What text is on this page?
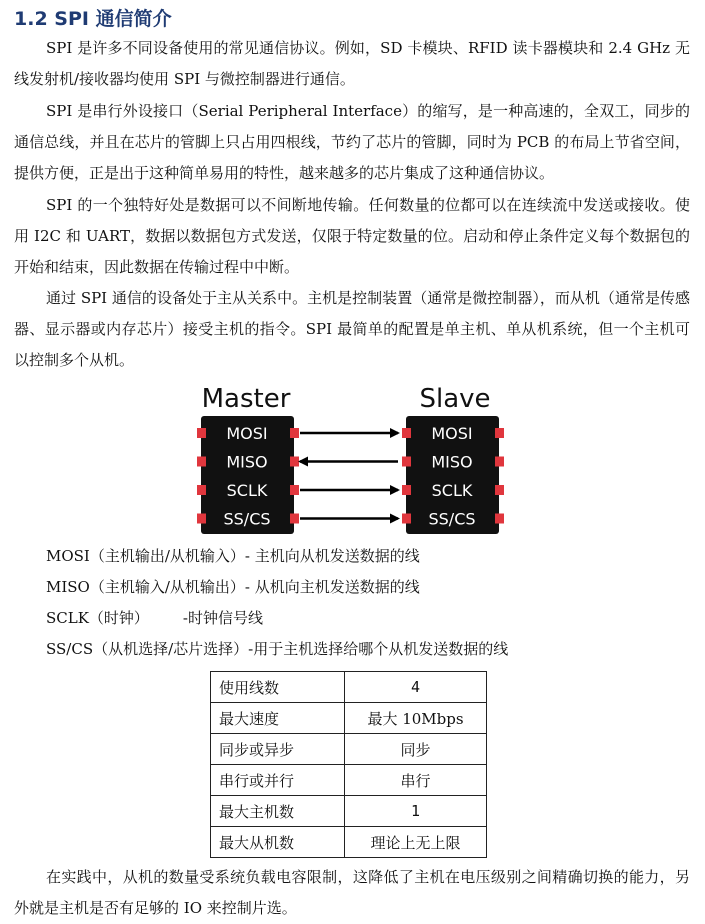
1.2 SPI 通信简介

SPI 是许多不同设备使用的常见通信协议。例如，SD 卡模块、RFID 读卡器模块和 2.4 GHz 无线发射机/接收器均使用 SPI 与微控制器进行通信。

SPI 是串行外设接口（Serial Peripheral Interface）的缩写，是一种高速的，全双工，同步的通信总线，并且在芯片的管脚上只占用四根线，节约了芯片的管脚，同时为 PCB 的布局上节省空间，提供方便，正是出于这种简单易用的特性，越来越多的芯片集成了这种通信协议。

SPI 的一个独特好处是数据可以不间断地传输。任何数量的位都可以在连续流中发送或接收。使用 I2C 和 UART，数据以数据包方式发送，仅限于特定数量的位。启动和停止条件定义每个数据包的开始和结束，因此数据在传输过程中中断。

通过 SPI 通信的设备处于主从关系中。主机是控制装置（通常是微控制器），而从机（通常是传感器、显示器或内存芯片）接受主机的指令。SPI 最简单的配置是单主机、单从机系统，但一个主机可以控制多个从机。

Master	Slave
MOSI	MOSI
MISO	MISO
SCLK	SCLK
SS/CS	SS/CS
MOSI（主机输出/从机输入）- 主机向从机发送数据的线
MISO（主机输入/从机输出）- 从机向主机发送数据的线
SCLK（时钟） -时钟信号线
SS/CS（从机选择/芯片选择）-用于主机选择给哪个从机发送数据的线
使用线数	4
最大速度	最大 10Mbps
同步或异步	同步
串行或并行	串行
最大主机数	1
最大从机数	理论上无上限

在实践中，从机的数量受系统负载电容限制，这降低了主机在电压级别之间精确切换的能力，另外就是主机是否有足够的 IO 来控制片选。
